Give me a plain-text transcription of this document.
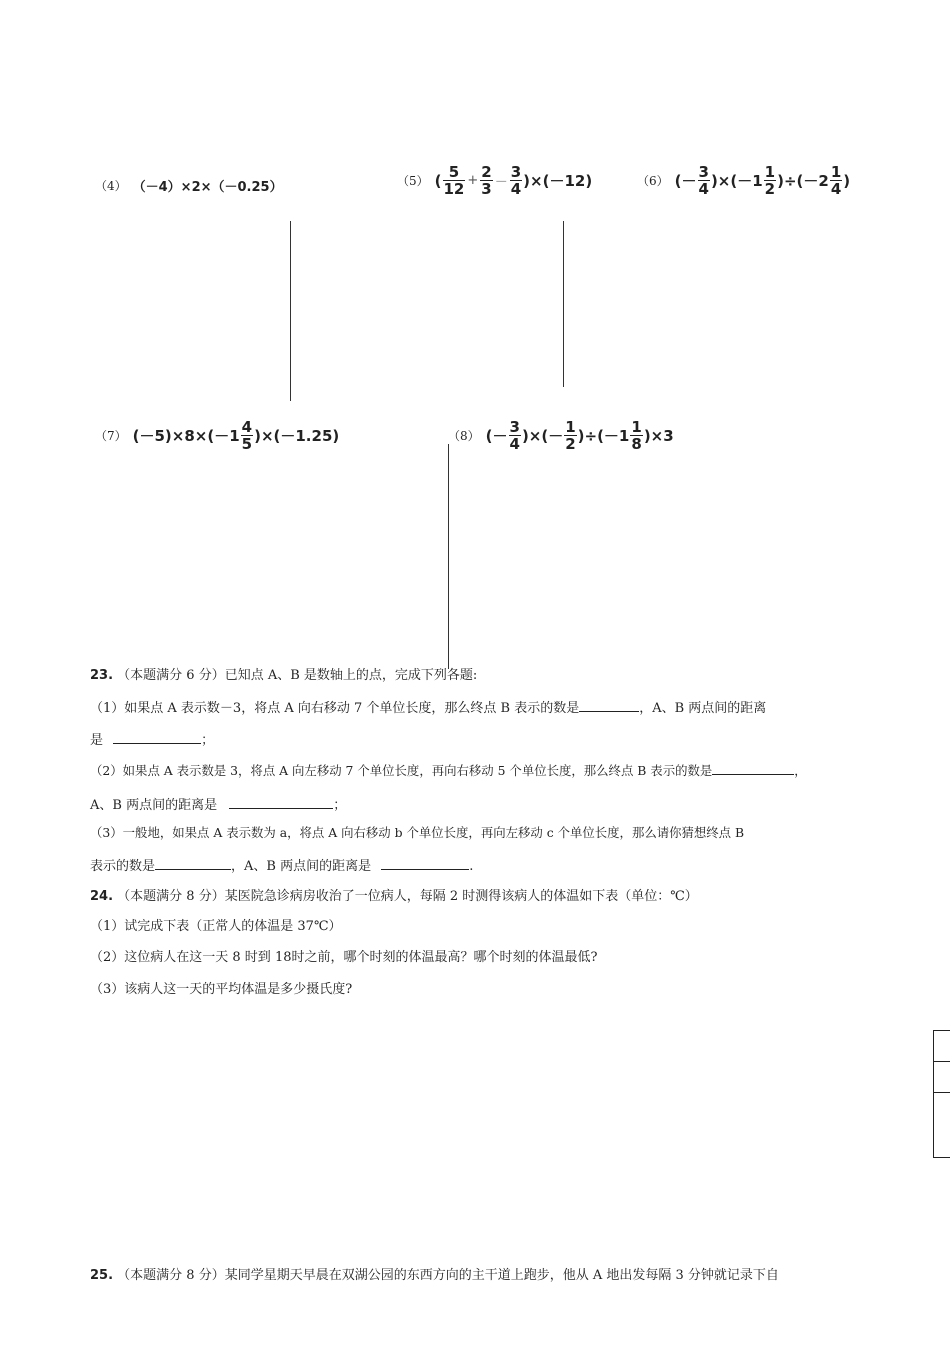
（4） （－4）×2×（－0.25）	（5） ( $\frac{5}{12} + \frac{2}{3} - \frac{3}{4} )\times(-12)$	（6） (－ $\frac{3}{4} )\times(-1 \frac{1}{2} )\div(-2 \frac{1}{4}$ )
（7） $(-5)\times 8\times(-1 \frac{4}{5} )\times(-1.25)$	（8） (－ $\frac{3}{4}$ )×(－ $\frac{1}{2} )\div(-1 \frac{1}{8} )\times 3$
23. （本题满分 6 分）已知点 A、B 是数轴上的点，完成下列各题:
（1）如果点 A 表示数－3，将点 A 向右移动 7 个单位长度，那么终点 B 表示的数是	，A、B 两点间的距离
是	；
（2）如果点 A 表示数是 3，将点 A 向左移动 7 个单位长度，再向右移动 5 个单位长度，那么终点 B 表示的数是	，
A、B 两点间的距离是	；
（3）一般地，如果点 A 表示数为 a，将点 A 向右移动 b 个单位长度，再向左移动 c 个单位长度，那么请你猜想终点 B
表示的数是	，A、B 两点间的距离是	.
24. （本题满分 8 分）某医院急诊病房收治了一位病人，每隔 2 时测得该病人的体温如下表（单位：℃）
（1）试完成下表（正常人的体温是 37℃）
（2）这位病人在这一天 8 时到 18时之前，哪个时刻的体温最高？哪个时刻的体温最低?
（3）该病人这一天的平均体温是多少摄氏度?
25. （本题满分 8 分）某同学星期天早晨在双湖公园的东西方向的主干道上跑步，他从 A 地出发每隔 3 分钟就记录下自
